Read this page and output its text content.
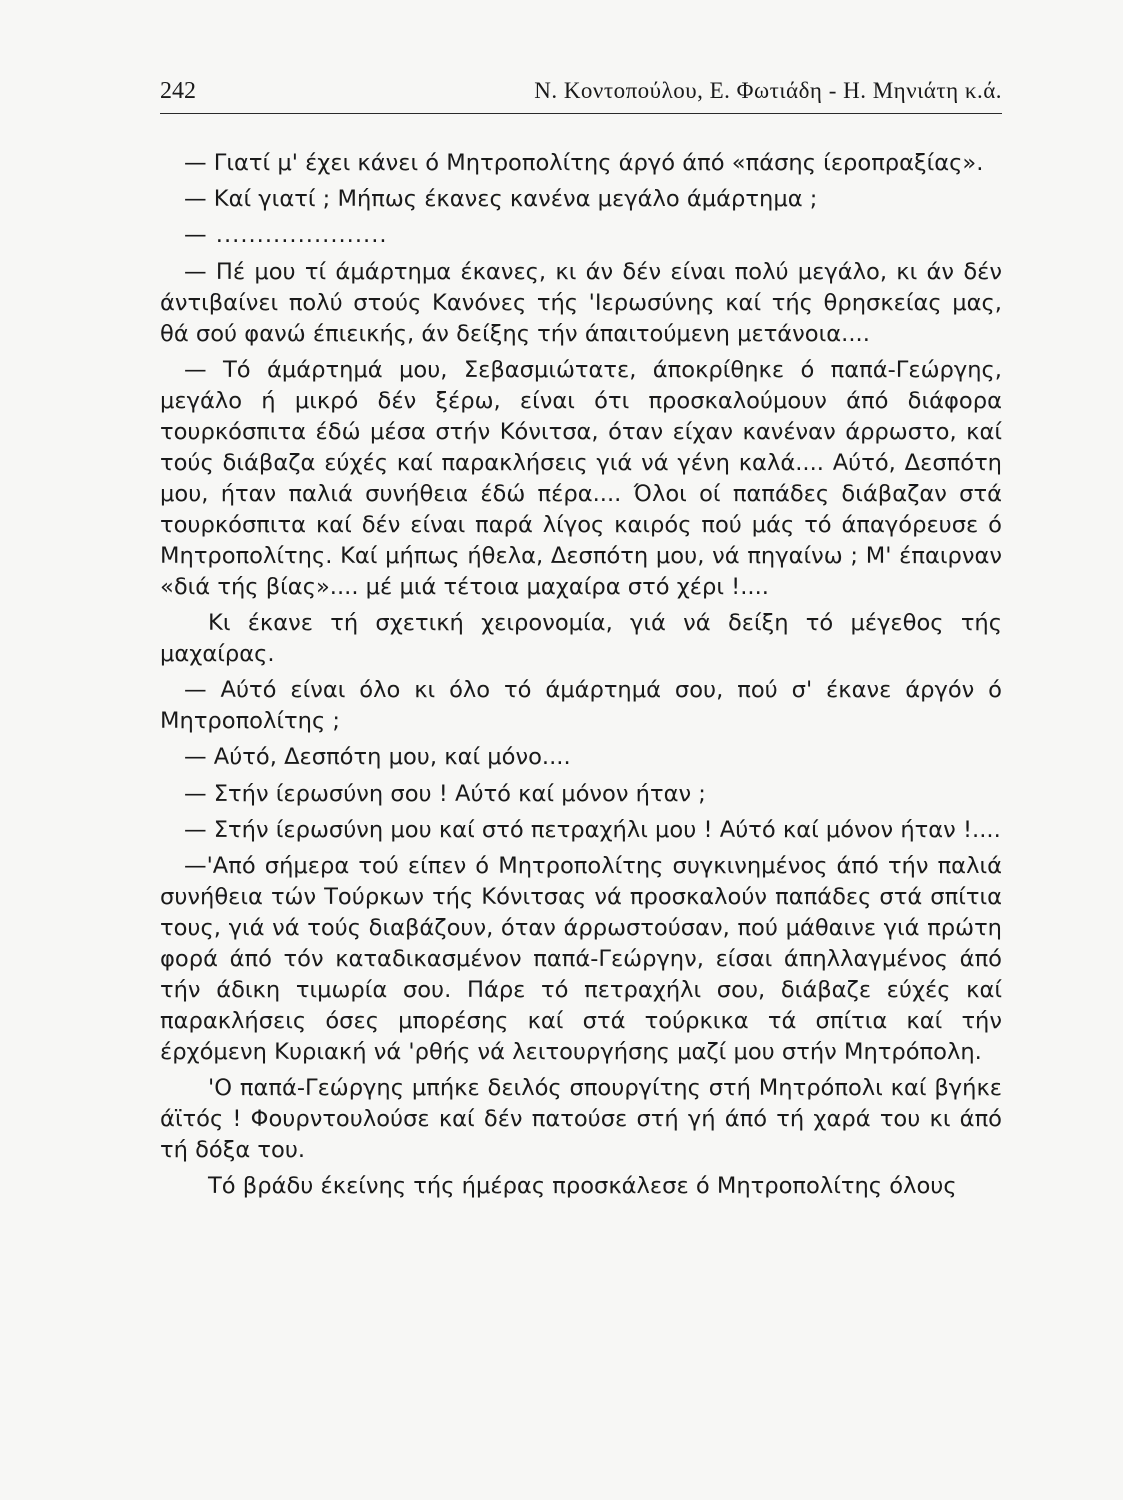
242	Ν. Κοντοπούλου, Ε. Φωτιάδη - Η. Μηνιάτη κ.ά.

— Γιατί μ' έχει κάνει ό Μητροπολίτης άργό άπό «πάσης ίεροπραξίας».

— Καί γιατί ; Μήπως έκανες κανένα μεγάλο άμάρτημα ;

— .....................

— Πέ μου τί άμάρτημα έκανες, κι άν δέν είναι πολύ μεγάλο, κι άν δέν άντιβαίνει πολύ στούς Κανόνες τής 'Ιερωσύνης καί τής θρησκείας μας, θά σού φανώ έπιεικής, άν δείξης τήν άπαιτούμενη μετάνοια....

— Τό άμάρτημά μου, Σεβασμιώτατε, άποκρίθηκε ό παπά-Γεώργης, μεγάλο ή μικρό δέν ξέρω, είναι ότι προσκαλούμουν άπό διάφορα τουρκόσπιτα έδώ μέσα στήν Κόνιτσα, όταν είχαν κανέναν άρρωστο, καί τούς διάβαζα εύχές καί παρακλήσεις γιά νά γένη καλά.... Αύτό, Δεσπότη μου, ήταν παλιά συνήθεια έδώ πέρα.... Όλοι οί παπάδες διάβαζαν στά τουρκόσπιτα καί δέν είναι παρά λίγος καιρός πού μάς τό άπαγόρευσε ό Μητροπολίτης. Καί μήπως ήθελα, Δεσπότη μου, νά πηγαίνω ; Μ' έπαιρναν «διά τής βίας».... μέ μιά τέτοια μαχαίρα στό χέρι !....

Κι έκανε τή σχετική χειρονομία, γιά νά δείξη τό μέγεθος τής μαχαίρας.

— Αύτό είναι όλο κι όλο τό άμάρτημά σου, πού σ' έκανε άργόν ό Μητροπολίτης ;

— Αύτό, Δεσπότη μου, καί μόνο....

— Στήν ίερωσύνη σου ! Αύτό καί μόνον ήταν ;

— Στήν ίερωσύνη μου καί στό πετραχήλι μου ! Αύτό καί μόνον ήταν !....

—'Από σήμερα τού είπεν ό Μητροπολίτης συγκινημένος άπό τήν παλιά συνήθεια τών Τούρκων τής Κόνιτσας νά προσκαλούν παπάδες στά σπίτια τους, γιά νά τούς διαβάζουν, όταν άρρωστούσαν, πού μάθαινε γιά πρώτη φορά άπό τόν καταδικασμένον παπά-Γεώργην, είσαι άπηλλαγμένος άπό τήν άδικη τιμωρία σου. Πάρε τό πετραχήλι σου, διάβαζε εύχές καί παρακλήσεις όσες μπορέσης καί στά τούρκικα τά σπίτια καί τήν έρχόμενη Κυριακή νά 'ρθής νά λειτουργήσης μαζί μου στήν Μητρόπολη.

'Ο παπά-Γεώργης μπήκε δειλός σπουργίτης στή Μητρόπολι καί βγήκε άϊτός ! Φουρντουλούσε καί δέν πατούσε στή γή άπό τή χαρά του κι άπό τή δόξα του.

Τό βράδυ έκείνης τής ήμέρας προσκάλεσε ό Μητροπολίτης όλους
